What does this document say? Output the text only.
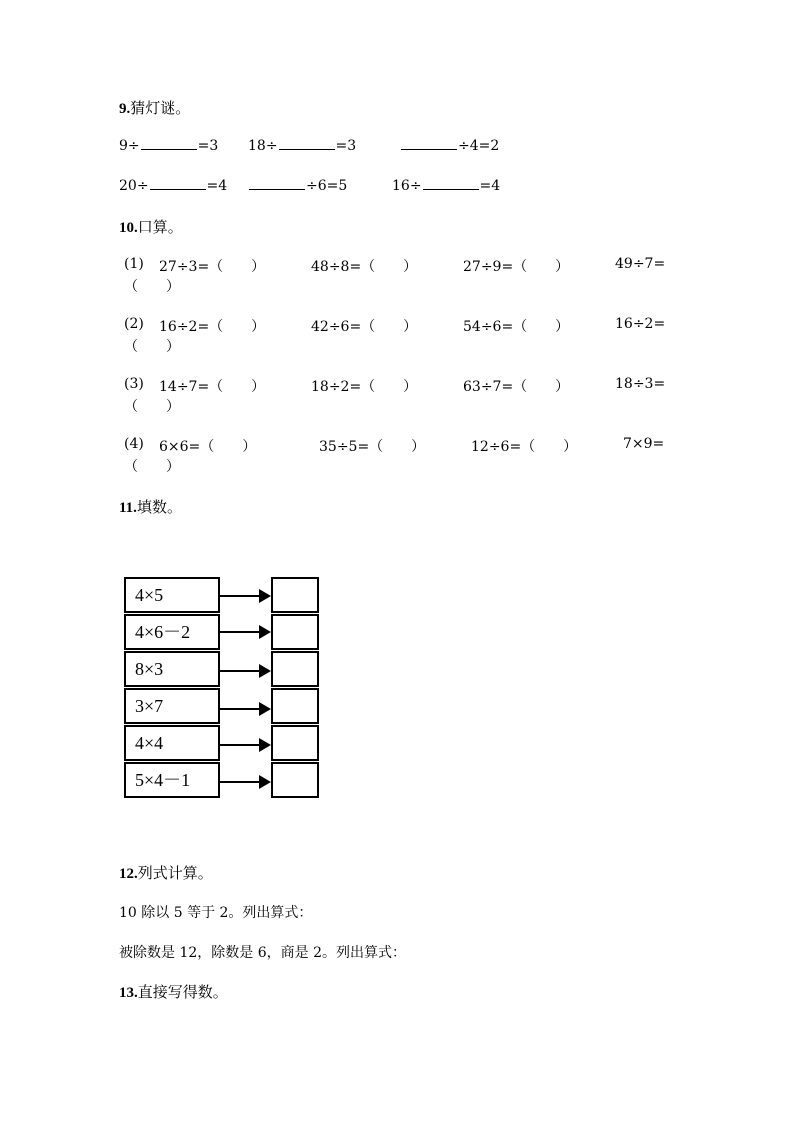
9.猜灯谜。
9÷	=3 18÷	=3	÷4=2
20÷	=4	÷6=5	16÷	=4
10.口算。
(1) 27÷3=（　　）	48÷8=（　　）	27÷9=（　　）	49÷7=
（　　）
(2) 16÷2=（　　）	42÷6=（　　）	54÷6=（　　）	16÷2=
（　　）
(3) 14÷7=（　　）	18÷2=（　　）	63÷7=（　　）	18÷3=
（　　）
(4) 6×6=（　　）	35÷5=（　　）	12÷6=（　　）	7×9=
（　　）
11.填数。
4×5
4×6－2
8×3
3×7
4×4
5×4－1
12.列式计算。
10 除以 5 等于 2。列出算式：
被除数是 12，除数是 6，商是 2。列出算式：
13.直接写得数。
